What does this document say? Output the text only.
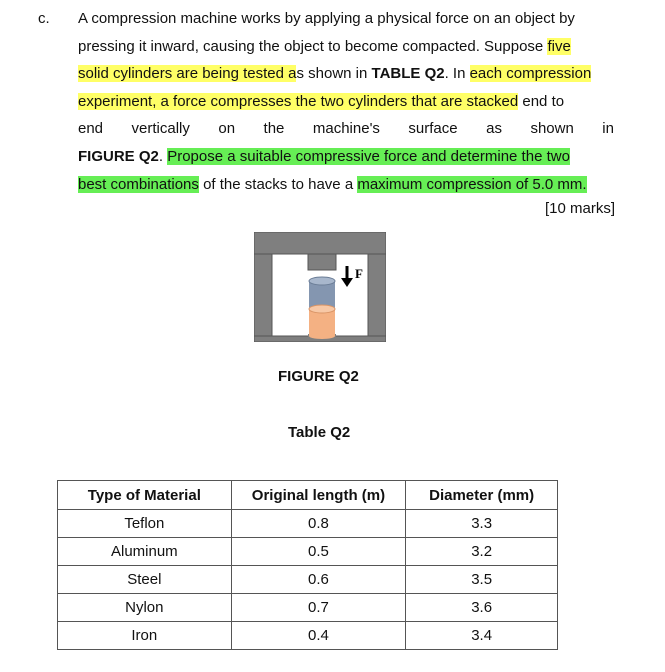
c. A compression machine works by applying a physical force on an object by
pressing it inward, causing the object to become compacted. Suppose five
solid cylinders are being tested as shown in TABLE Q2. In each compression
experiment, a force compresses the two cylinders that are stacked end to
end vertically on the machine's surface as shown in
FIGURE Q2. Propose a suitable compressive force and determine the two
best combinations of the stacks to have a maximum compression of 5.0 mm.
[10 marks]
F
FIGURE Q2
Table Q2
Type of Material	Original length (m)	Diameter (mm)
Teflon	0.8	3.3
Aluminum	0.5	3.2
Steel	0.6	3.5
Nylon	0.7	3.6
Iron	0.4	3.4
